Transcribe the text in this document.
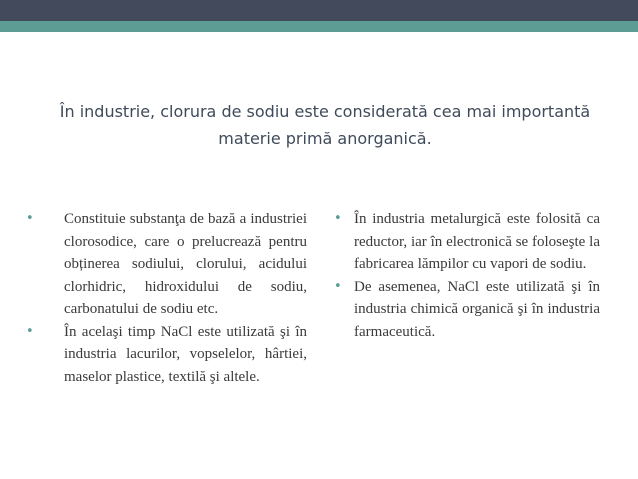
În industrie, clorura de sodiu este considerată cea mai importantă materie primă anorganică.
•	Constituie substanţa de bază a industriei clorosodice, care o prelucrează pentru obținerea sodiului, clorului, acidului clorhidric, hidroxidului de sodiu, carbonatului de sodiu etc.
•	În acelaşi timp NaCl este utilizată şi în industria lacurilor, vopselelor, hârtiei, maselor plastice, textilă şi altele.
• În industria metalurgică este folosită ca reductor, iar în electronică se foloseşte la fabricarea lămpilor cu vapori de sodiu.
• De asemenea, NaCl este utilizată şi în industria chimică organică şi în industria farmaceutică.
